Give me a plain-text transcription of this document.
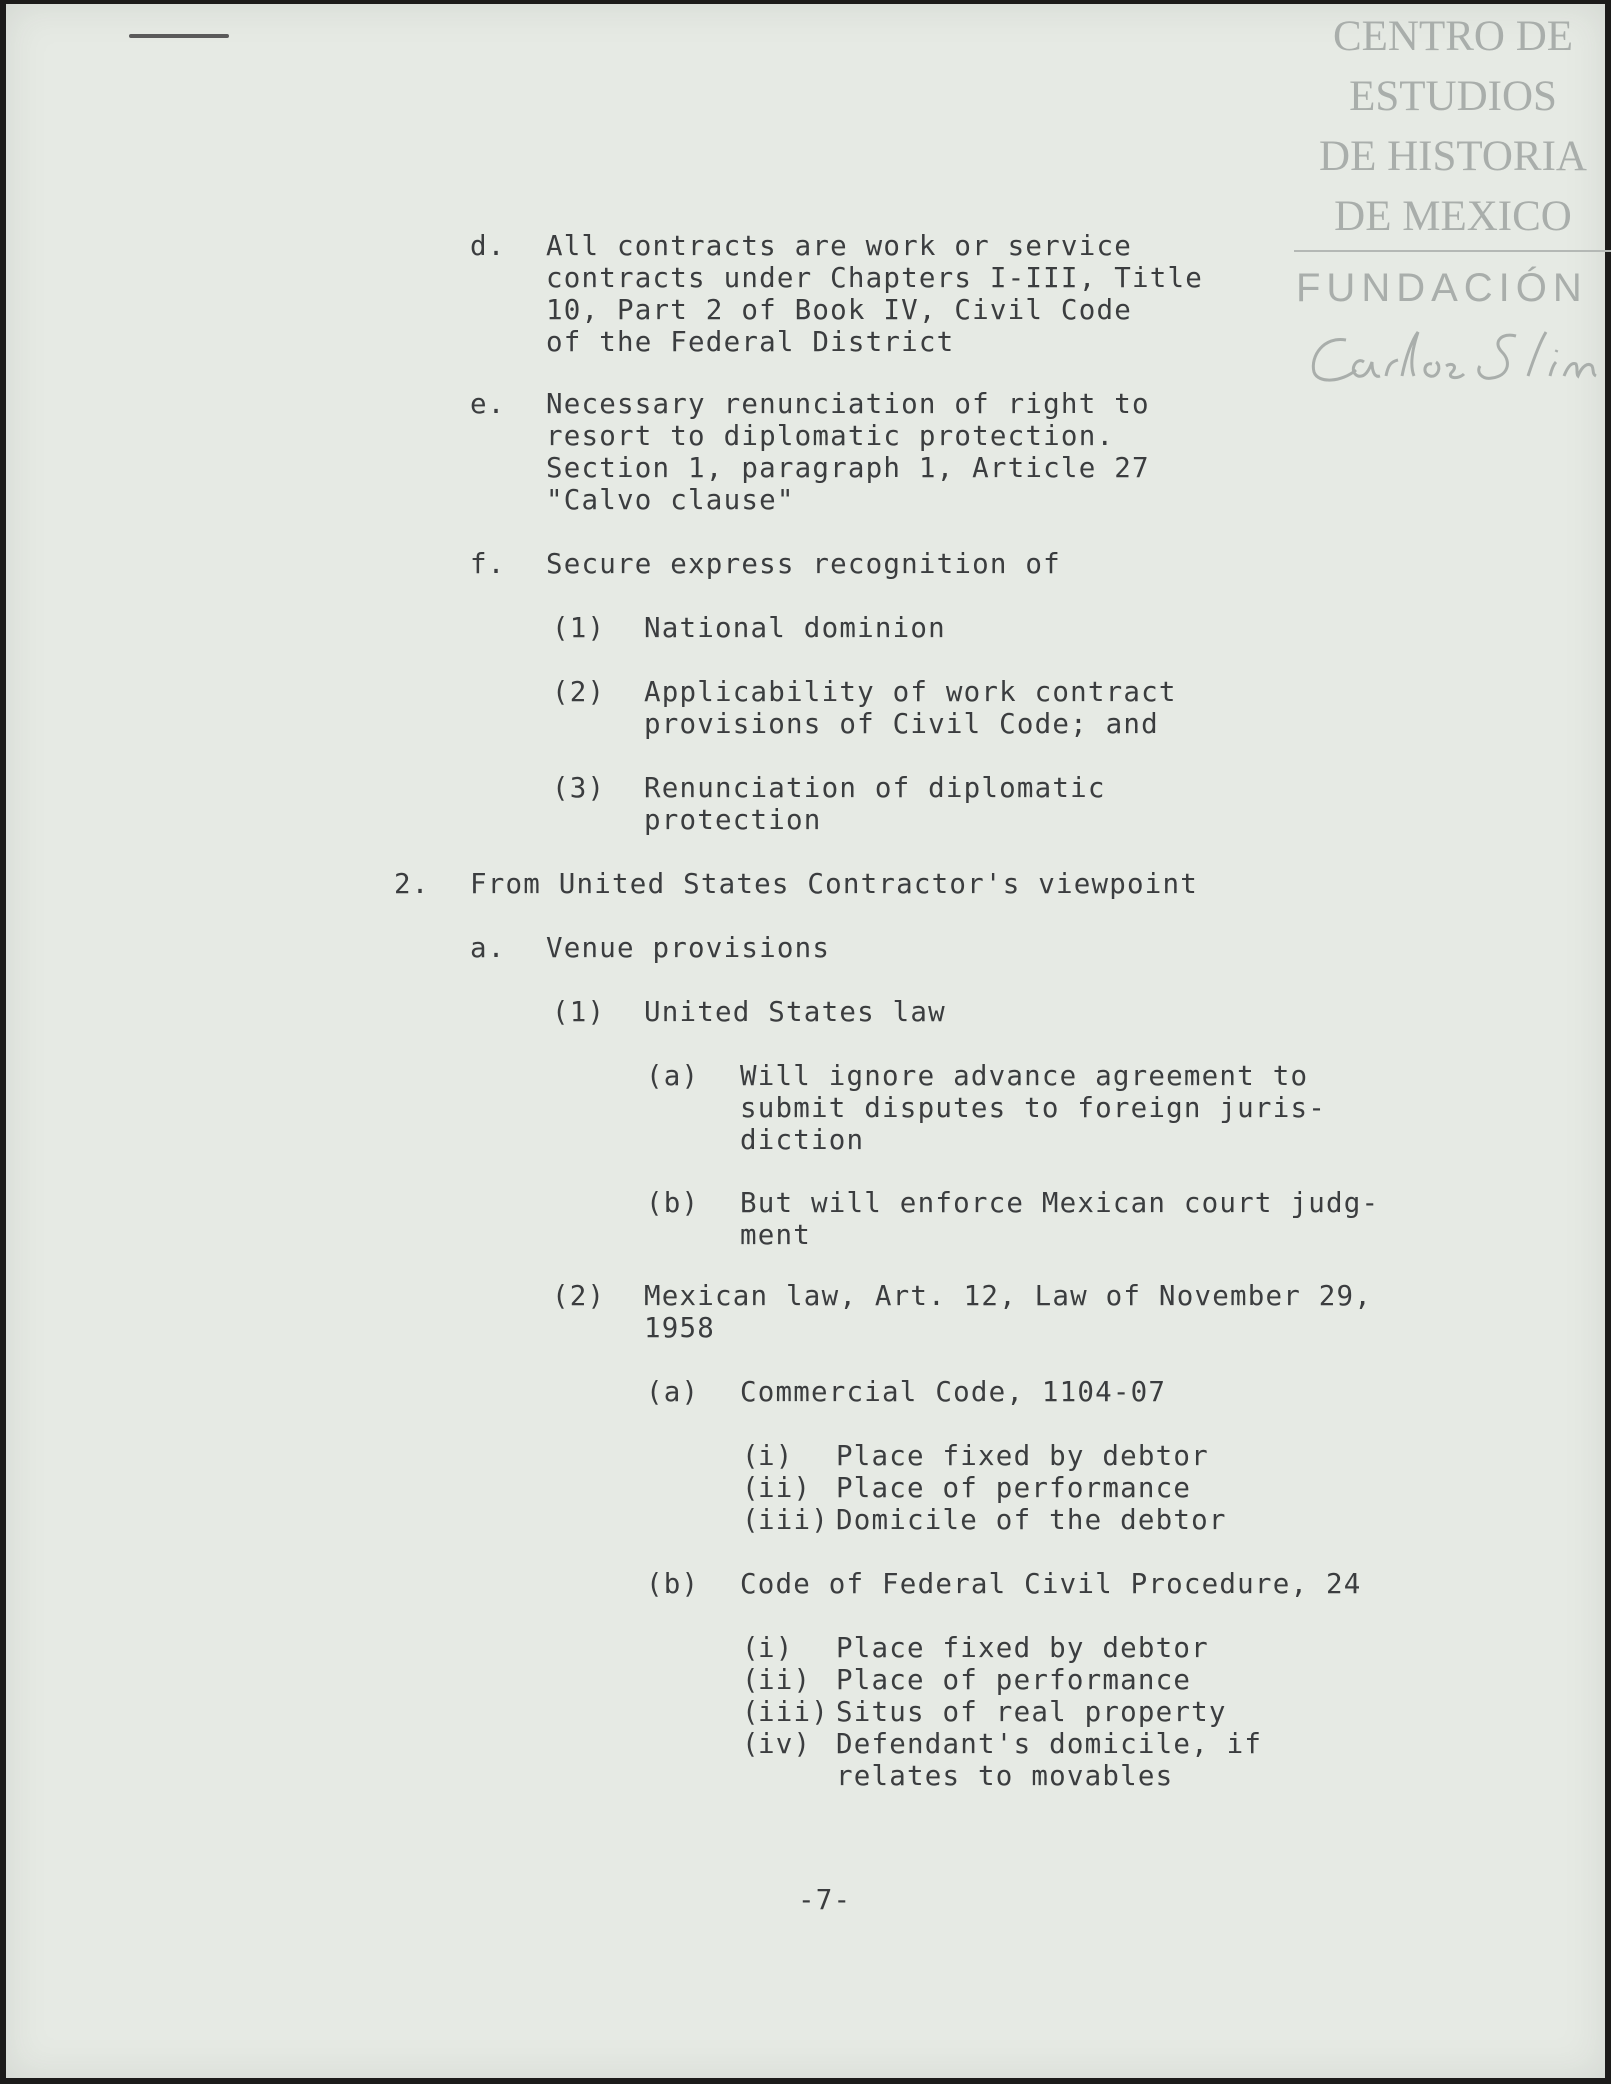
CENTRO DE
ESTUDIOS
DE HISTORIA
DE MEXICO
FUNDACIÓN
d. All contracts are work or service
contracts under Chapters I-III, Title
10, Part 2 of Book IV, Civil Code
of the Federal District
e. Necessary renunciation of right to
resort to diplomatic protection.
Section 1, paragraph 1, Article 27
"Calvo clause"
f. Secure express recognition of
(1) National dominion
(2) Applicability of work contract
provisions of Civil Code; and
(3) Renunciation of diplomatic
protection
2. From United States Contractor's viewpoint
a. Venue provisions
(1) United States law
(a) Will ignore advance agreement to
submit disputes to foreign juris-
diction
(b) But will enforce Mexican court judg-
ment
(2) Mexican law, Art. 12, Law of November 29,
1958
(a) Commercial Code, 1104-07
( i) Place fixed by debtor
( ii) Place of performance
( iii) Domicile of the debtor
(b) Code of Federal Civil Procedure, 24
( i) Place fixed by debtor
( ii) Place of performance
( iii) Situs of real property
( iv) Defendant's domicile, if
relates to movables
-7-
